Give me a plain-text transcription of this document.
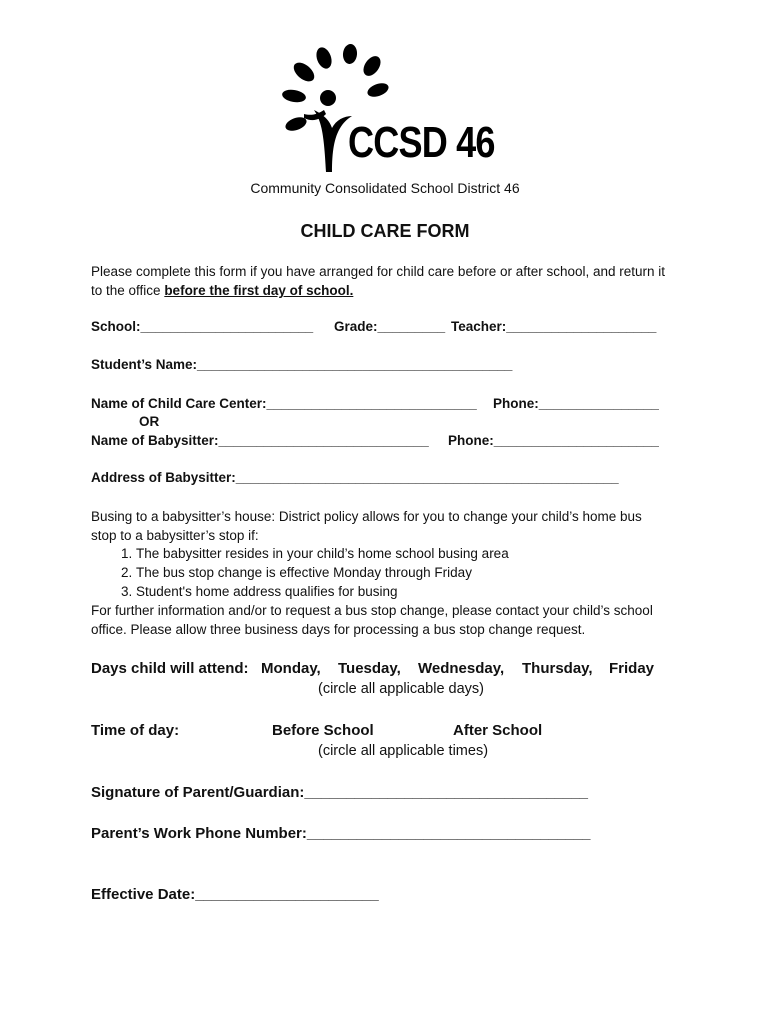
CCSD 46
Community Consolidated School District 46
CHILD CARE FORM
Please complete this form if you have arranged for child care before or after school, and return it
to the office before the first day of school.
School:_______________________ Grade:_________ Teacher:____________________
Student’s Name:__________________________________________
Name of Child Care Center:____________________________ Phone:________________
OR
Name of Babysitter:____________________________ Phone:______________________
Address of Babysitter:___________________________________________________
Busing to a babysitter’s house: District policy allows for you to change your child’s home bus
stop to a babysitter’s stop if:
1. The babysitter resides in your child’s home school busing area
2. The bus stop change is effective Monday through Friday
3. Student's home address qualifies for busing
For further information and/or to request a bus stop change, please contact your child’s school
office. Please allow three business days for processing a bus stop change request.
Days child will attend: Monday, Tuesday, Wednesday, Thursday, Friday
(circle all applicable days)
Time of day:	Before School	After School
(circle all applicable times)
Signature of Parent/Guardian:__________________________________
Parent’s Work Phone Number:__________________________________
Effective Date:______________________
